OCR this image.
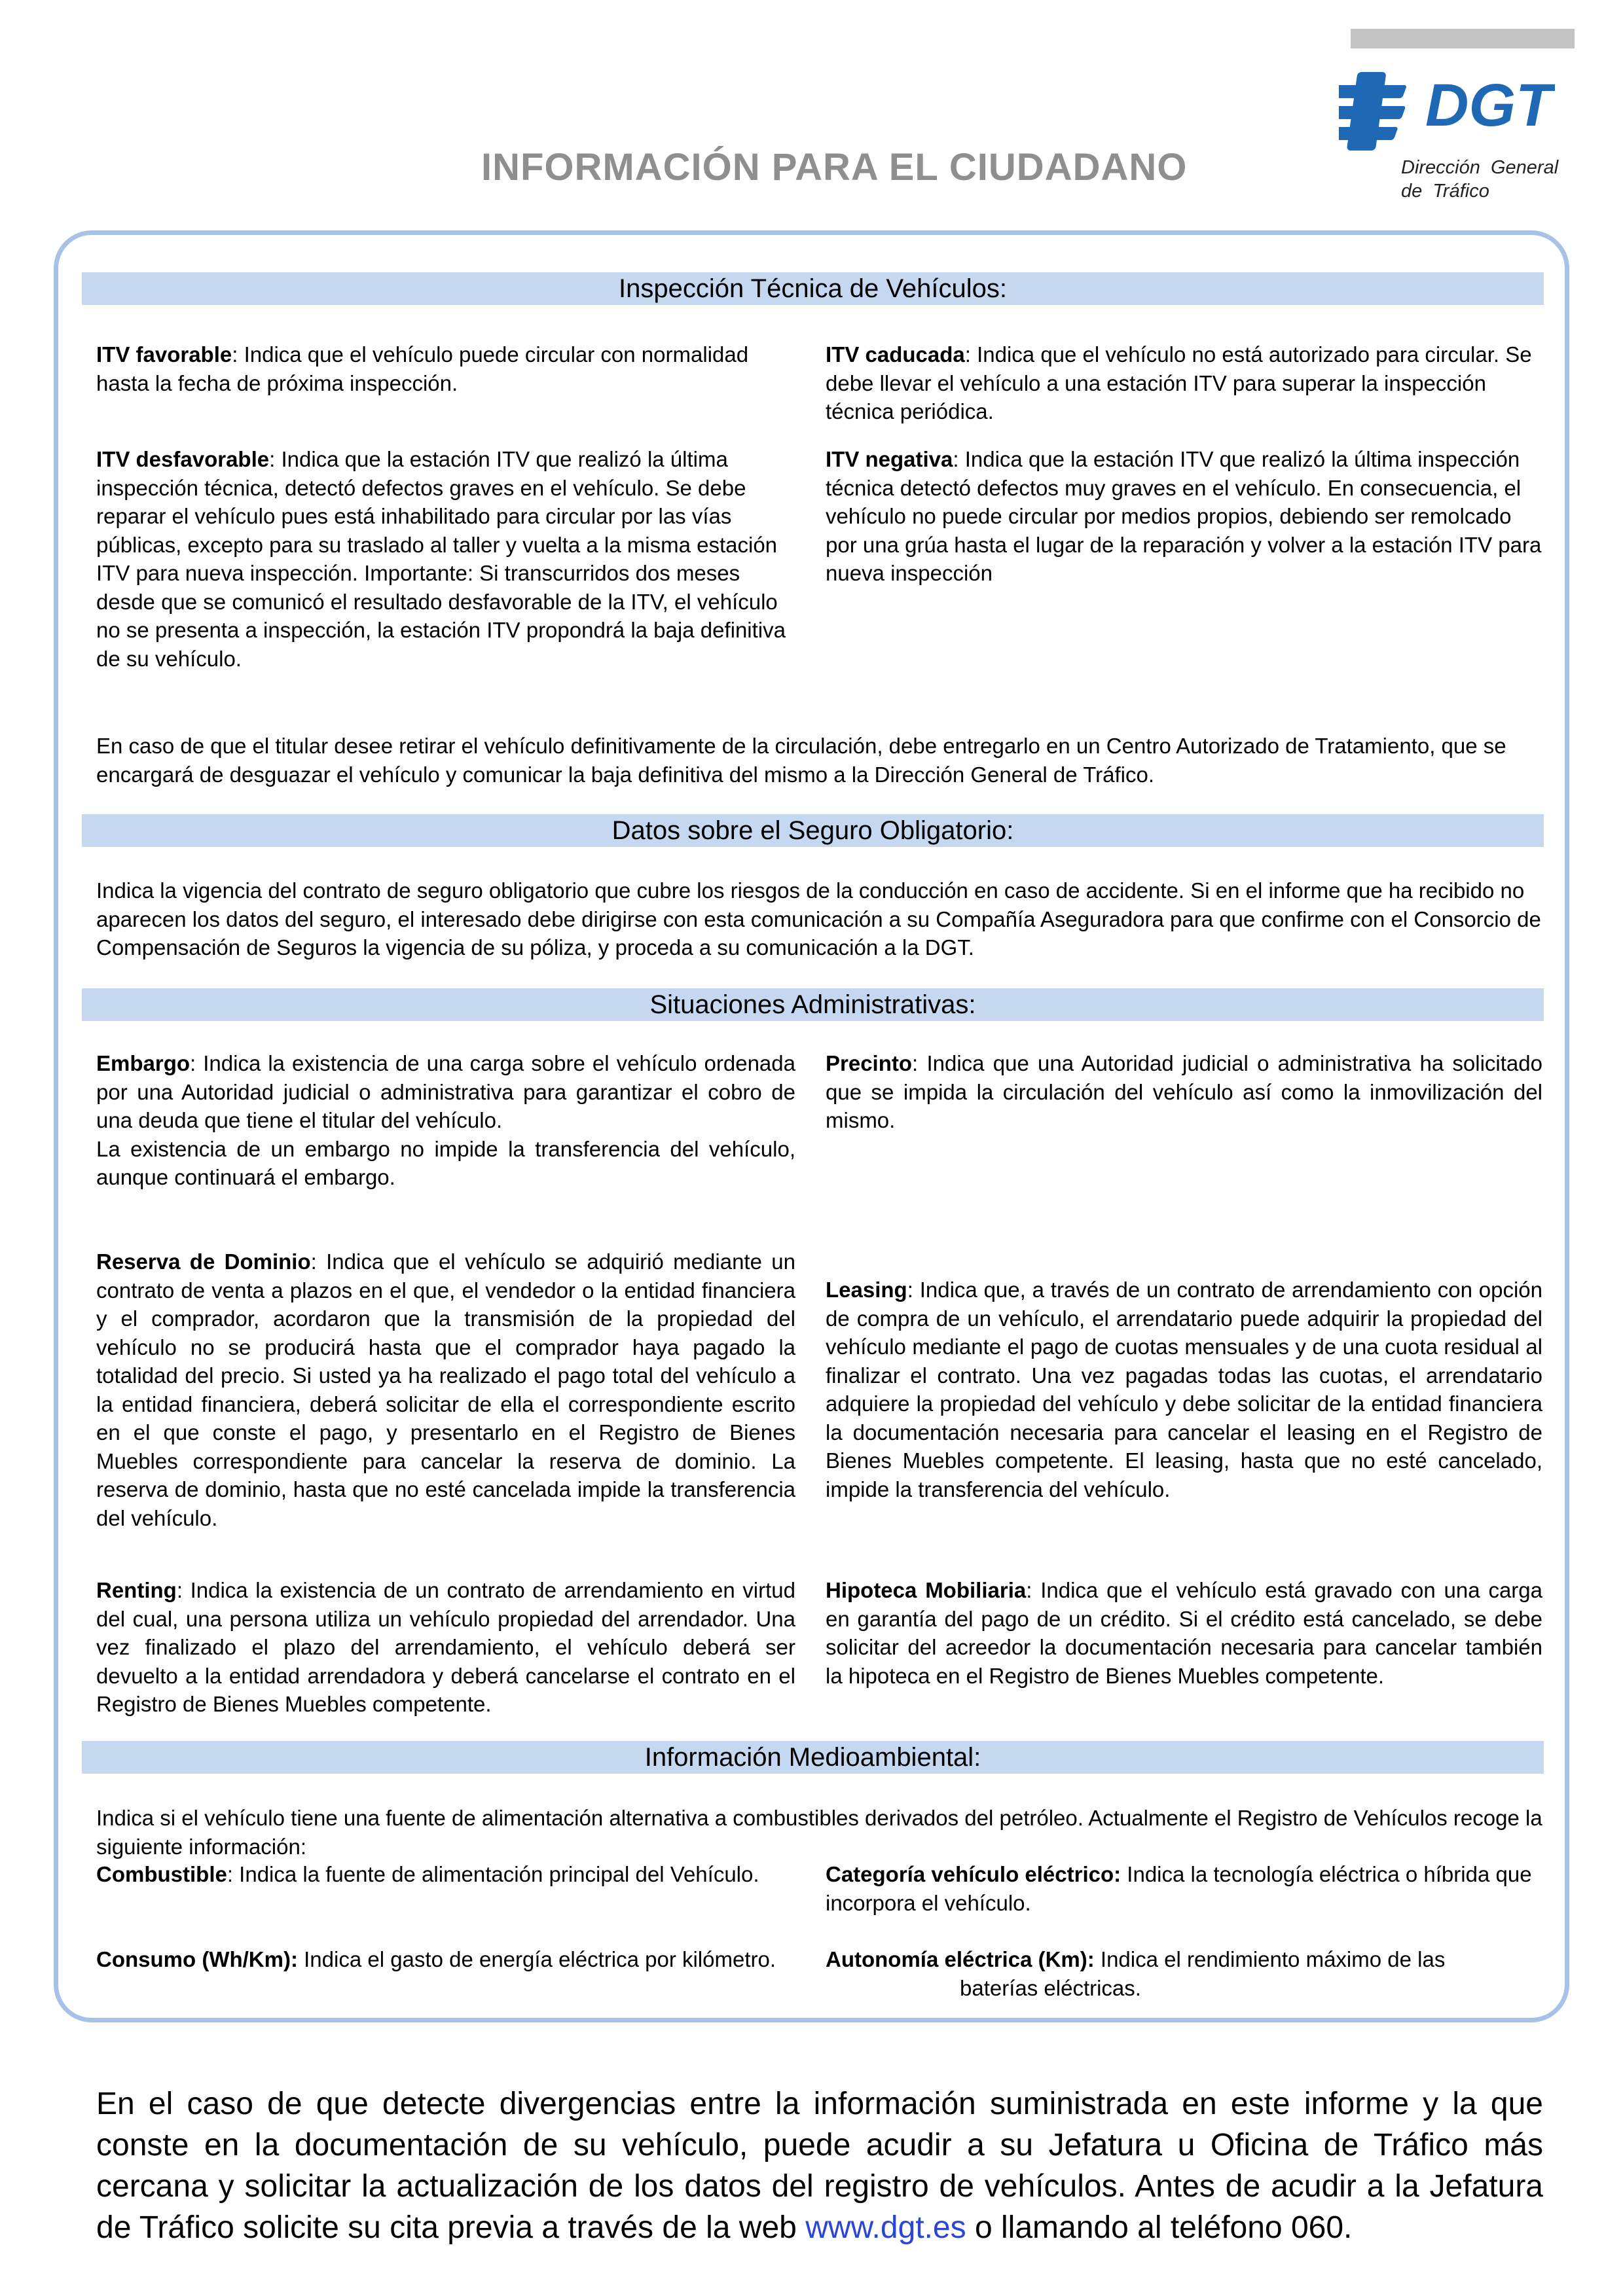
DGT
Dirección  General
de  Tráfico
INFORMACIÓN PARA EL CIUDADANO
Inspección Técnica de Vehículos:
ITV favorable: Indica que el vehículo puede circular con normalidad hasta la fecha de próxima inspección.
ITV caducada: Indica que el vehículo no está autorizado para circular. Se debe llevar el vehículo a una estación ITV para superar la inspección técnica periódica.
ITV desfavorable: Indica que la estación ITV que realizó la última inspección técnica, detectó defectos graves en el vehículo. Se debe reparar el vehículo pues está inhabilitado para circular por las vías públicas, excepto para su traslado al taller y vuelta a la misma estación ITV para nueva inspección. Importante: Si transcurridos dos meses desde que se comunicó el resultado desfavorable de la ITV, el vehículo no se presenta a inspección, la estación ITV propondrá la baja definitiva de su vehículo.
ITV negativa: Indica que la estación ITV que realizó la última inspección técnica detectó defectos muy graves en el vehículo. En consecuencia, el vehículo no puede circular por medios propios, debiendo ser remolcado por una grúa hasta el lugar de la reparación y volver a la estación ITV para nueva inspección
En caso de que el titular desee retirar el vehículo definitivamente de la circulación, debe entregarlo en un Centro Autorizado de Tratamiento, que se encargará de desguazar el vehículo y comunicar la baja definitiva del mismo a la Dirección General de Tráfico.
Datos sobre el Seguro Obligatorio:
Indica la vigencia del contrato de seguro obligatorio que cubre los riesgos de la conducción en caso de accidente. Si en el informe que ha recibido no aparecen los datos del seguro, el interesado debe dirigirse con esta comunicación a su Compañía Aseguradora para que confirme con el Consorcio de Compensación de Seguros la vigencia de su póliza, y proceda a su comunicación a la DGT.
Situaciones Administrativas:
Embargo: Indica la existencia de una carga sobre el vehículo ordenada por una Autoridad judicial o administrativa para garantizar el cobro de una deuda que tiene el titular del vehículo.
La existencia de un embargo no impide la transferencia del vehículo, aunque continuará el embargo.
Precinto: Indica que una Autoridad judicial o administrativa ha solicitado que se impida la circulación del vehículo así como la inmovilización del mismo.
Reserva de Dominio: Indica que el vehículo se adquirió mediante un contrato de venta a plazos en el que, el vendedor o la entidad financiera y el comprador, acordaron que la transmisión de la propiedad del vehículo no se producirá hasta que el comprador haya pagado la totalidad del precio. Si usted ya ha realizado el pago total del vehículo a la entidad financiera, deberá solicitar de ella el correspondiente escrito en el que conste el pago, y presentarlo en el Registro de Bienes Muebles correspondiente para cancelar la reserva de dominio. La reserva de dominio, hasta que no esté cancelada impide la transferencia del vehículo.
Leasing: Indica que, a través de un contrato de arrendamiento con opción de compra de un vehículo, el arrendatario puede adquirir la propiedad del vehículo mediante el pago de cuotas mensuales y de una cuota residual al finalizar el contrato. Una vez pagadas todas las cuotas, el arrendatario adquiere la propiedad del vehículo y debe solicitar de la entidad financiera la documentación necesaria para cancelar el leasing en el Registro de Bienes Muebles competente. El leasing, hasta que no esté cancelado, impide la transferencia del vehículo.
Renting: Indica la existencia de un contrato de arrendamiento en virtud del cual, una persona utiliza un vehículo propiedad del arrendador. Una vez finalizado el plazo del arrendamiento, el vehículo deberá ser devuelto a la entidad arrendadora y deberá cancelarse el contrato en el Registro de Bienes Muebles competente.
Hipoteca Mobiliaria: Indica que el vehículo está gravado con una carga en garantía del pago de un crédito. Si el crédito está cancelado, se debe solicitar del acreedor la documentación necesaria para cancelar también la hipoteca en el Registro de Bienes Muebles competente.
Información Medioambiental:
Indica si el vehículo tiene una fuente de alimentación alternativa a combustibles derivados del petróleo. Actualmente el Registro de Vehículos recoge la siguiente información:
Combustible: Indica la fuente de alimentación principal del Vehículo.	Categoría vehículo eléctrico: Indica la tecnología eléctrica o híbrida que incorpora el vehículo.
Consumo (Wh/Km): Indica el gasto de energía eléctrica por kilómetro.	Autonomía eléctrica (Km): Indica el rendimiento máximo de las
baterías eléctricas.
En el caso de que detecte divergencias entre la información suministrada en este informe y la que conste en la documentación de su vehículo, puede acudir a su Jefatura u Oficina de Tráfico más cercana y solicitar la actualización de los datos del registro de vehículos. Antes de acudir a la Jefatura de Tráfico solicite su cita previa a través de la web www.dgt.es o llamando al teléfono 060.
